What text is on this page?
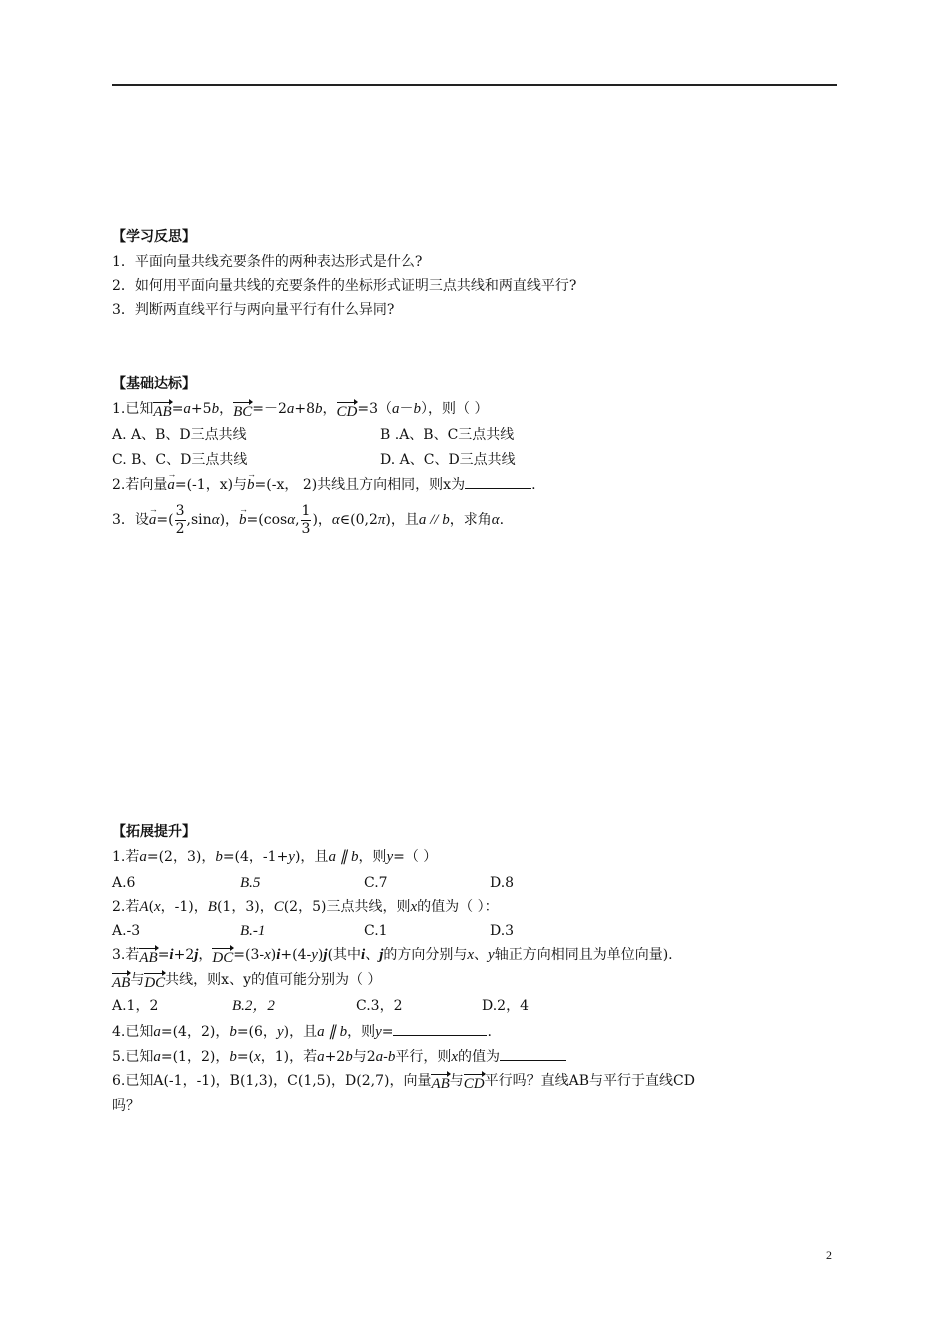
【学习反思】
1．平面向量共线充要条件的两种表达形式是什么?
2．如何用平面向量共线的充要条件的坐标形式证明三点共线和两直线平行?
3．判断两直线平行与两向量平行有什么异同?
【基础达标】
1.已知AB=a+5b，BC=－2a+8b，CD=3（a－b），则（ ）
A. A、B、D三点共线	B .A、B、C三点共线
C. B、C、D三点共线	D. A、C、D三点共线
2.若向量→ a=(-1，x)与→ b=(-x， 2)共线且方向相同，则x为	.
3．设→ $a=( \frac{3}{2} ,\sin\alpha)$，→ b=(cosα, $\frac{1}{3}$ )，α∈(0,2π)，且a // b，求角α.
【拓展提升】
1.若a=(2，3)，b=(4，-1+y)，且a ∥ b，则y=（ ）
A.6	B.5	C.7	D.8
2.若A(x，-1)，B(1，3)，C(2，5)三点共线，则x的值为（ ）：
A.-3	B.-1	C.1	D.3
3.若AB=i+2j，DC=(3-x)i+(4-y)j(其中i、j的方向分别与x、y轴正方向相同且为单位向量).
AB与DC共线，则x、y的值可能分别为（ ）
A.1，2	B.2，2	C.3，2	D.2，4
4.已知a=(4，2)，b=(6，y)，且a ∥ b，则y=	.
5.已知a=(1，2)，b=(x，1)，若a+2b与2a-b平行，则x的值为
6.已知A(-1，-1)，B(1,3)，C(1,5)，D(2,7)，向量AB与CD平行吗？直线AB与平行于直线CD
吗？
2
